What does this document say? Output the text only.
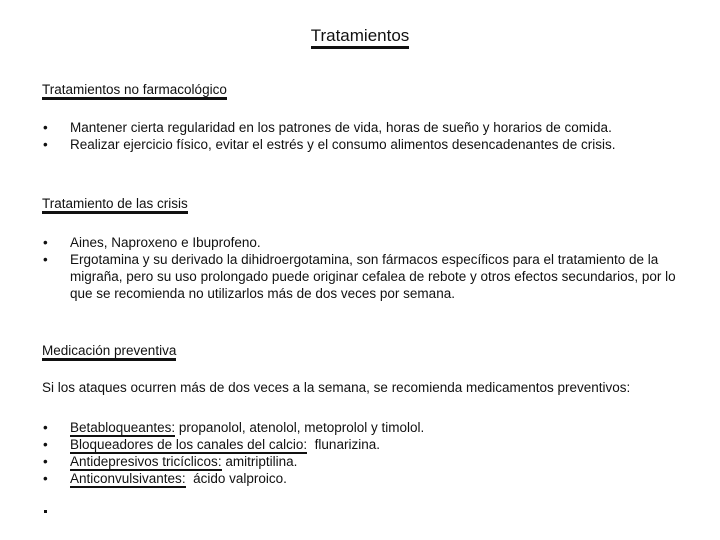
Tratamientos
Tratamientos no farmacológico
• Mantener cierta regularidad en los patrones de vida, horas de sueño y horarios de comida.
• Realizar ejercicio físico, evitar el estrés y el consumo alimentos desencadenantes de crisis.
Tratamiento de las crisis
• Aines, Naproxeno e Ibuprofeno.
• Ergotamina y su derivado la dihidroergotamina, son fármacos específicos para el tratamiento de la migraña, pero su uso prolongado puede originar cefalea de rebote y otros efectos secundarios, por lo que se recomienda no utilizarlos más de dos veces por semana.
Medicación preventiva
Si los ataques ocurren más de dos veces a la semana, se recomienda medicamentos preventivos:
• Betabloqueantes: propanolol, atenolol, metoprolol y timolol.
• Bloqueadores de los canales del calcio:  flunarizina.
• Antidepresivos tricíclicos: amitriptilina.
• Anticonvulsivantes:  ácido valproico.
